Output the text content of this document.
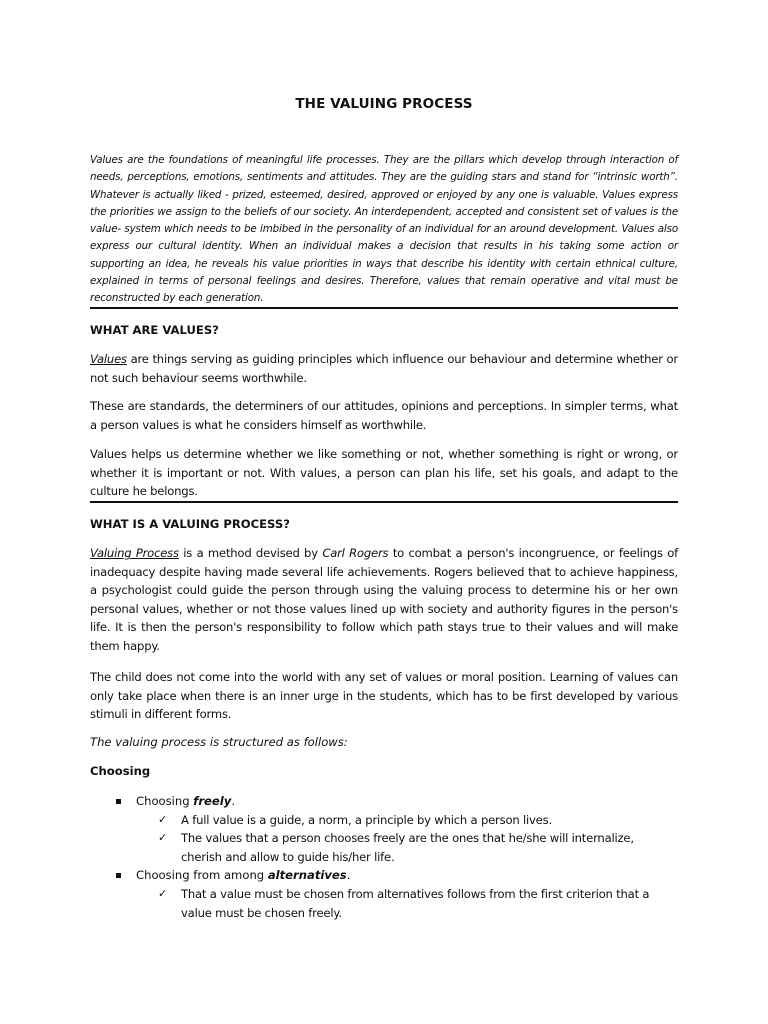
THE VALUING PROCESS

Values are the foundations of meaningful life processes. They are the pillars which develop through interaction of needs, perceptions, emotions, sentiments and attitudes. They are the guiding stars and stand for “intrinsic worth”. Whatever is actually liked - prized, esteemed, desired, approved or enjoyed by any one is valuable. Values express the priorities we assign to the beliefs of our society. An interdependent, accepted and consistent set of values is the value- system which needs to be imbibed in the personality of an individual for an around development. Values also express our cultural identity. When an individual makes a decision that results in his taking some action or supporting an idea, he reveals his value priorities in ways that describe his identity with certain ethnical culture, explained in terms of personal feelings and desires. Therefore, values that remain operative and vital must be reconstructed by each generation.

WHAT ARE VALUES?

Values are things serving as guiding principles which influence our behaviour and determine whether or not such behaviour seems worthwhile.

These are standards, the determiners of our attitudes, opinions and perceptions. In simpler terms, what a person values is what he considers himself as worthwhile.

Values helps us determine whether we like something or not, whether something is right or wrong, or whether it is important or not. With values, a person can plan his life, set his goals, and adapt to the culture he belongs.

WHAT IS A VALUING PROCESS?

Valuing Process is a method devised by Carl Rogers to combat a person's incongruence, or feelings of inadequacy despite having made several life achievements. Rogers believed that to achieve happiness, a psychologist could guide the person through using the valuing process to determine his or her own personal values, whether or not those values lined up with society and authority figures in the person's life. It is then the person's responsibility to follow which path stays true to their values and will make them happy.

The child does not come into the world with any set of values or moral position. Learning of values can only take place when there is an inner urge in the students, which has to be first developed by various stimuli in different forms.

The valuing process is structured as follows:

Choosing

Choosing freely.
✓ A full value is a guide, a norm, a principle by which a person lives.
✓ The values that a person chooses freely are the ones that he/she will internalize, cherish and allow to guide his/her life.
Choosing from among alternatives.
✓ That a value must be chosen from alternatives follows from the first criterion that a value must be chosen freely.
